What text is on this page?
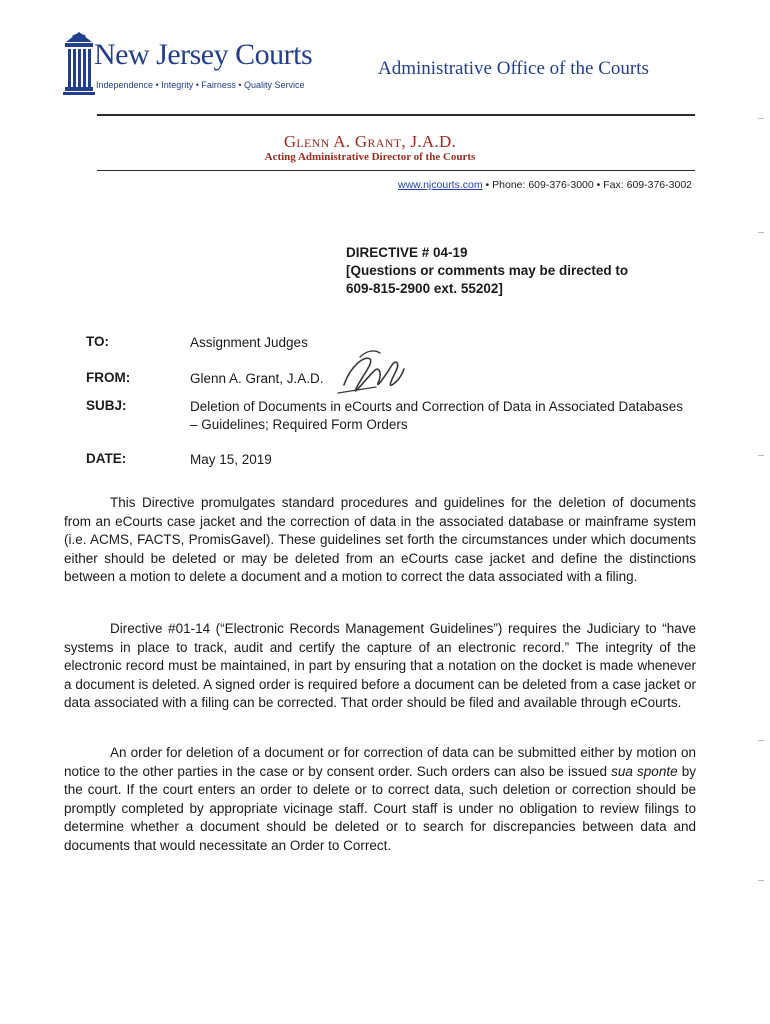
New Jersey Courts
Independence • Integrity • Fairness • Quality Service
Administrative Office of the Courts
Glenn A. Grant, J.A.D.
Acting Administrative Director of the Courts
www.njcourts.com • Phone: 609-376-3000 • Fax: 609-376-3002
DIRECTIVE # 04-19
[Questions or comments may be directed to
609-815-2900 ext. 55202]
TO:	Assignment Judges
FROM:	Glenn A. Grant, J.A.D.
SUBJ:	Deletion of Documents in eCourts and Correction of Data in Associated Databases – Guidelines; Required Form Orders
DATE:	May 15, 2019
This Directive promulgates standard procedures and guidelines for the deletion of documents from an eCourts case jacket and the correction of data in the associated database or mainframe system (i.e. ACMS, FACTS, PromisGavel). These guidelines set forth the circumstances under which documents either should be deleted or may be deleted from an eCourts case jacket and define the distinctions between a motion to delete a document and a motion to correct the data associated with a filing.
Directive #01-14 (“Electronic Records Management Guidelines”) requires the Judiciary to “have systems in place to track, audit and certify the capture of an electronic record.” The integrity of the electronic record must be maintained, in part by ensuring that a notation on the docket is made whenever a document is deleted. A signed order is required before a document can be deleted from a case jacket or data associated with a filing can be corrected. That order should be filed and available through eCourts.
An order for deletion of a document or for correction of data can be submitted either by motion on notice to the other parties in the case or by consent order. Such orders can also be issued sua sponte by the court. If the court enters an order to delete or to correct data, such deletion or correction should be promptly completed by appropriate vicinage staff. Court staff is under no obligation to review filings to determine whether a document should be deleted or to search for discrepancies between data and documents that would necessitate an Order to Correct.
